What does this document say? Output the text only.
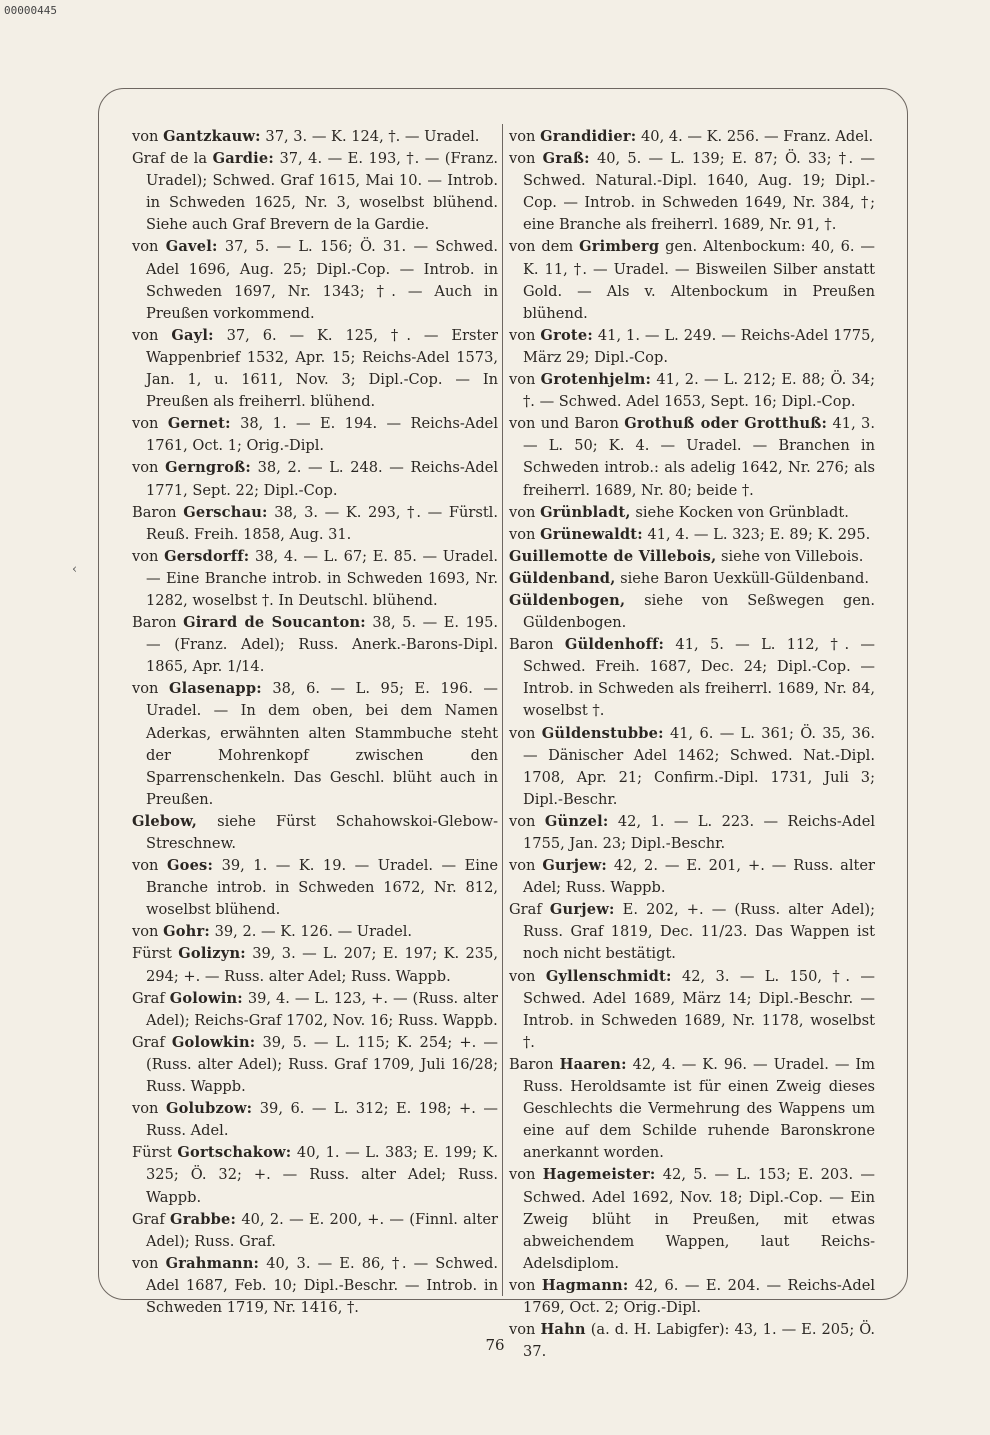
00000445
‹

von Gantzkauw: 37, 3. — K. 124, †. — Uradel.

Graf de la Gardie: 37, 4. — E. 193, †. — (Franz. Uradel); Schwed. Graf 1615, Mai 10. — Introb. in Schweden 1625, Nr. 3, woselbst blühend. Siehe auch Graf Brevern de la Gardie.

von Gavel: 37, 5. — L. 156; Ö. 31. — Schwed. Adel 1696, Aug. 25; Dipl.-Cop. — Introb. in Schweden 1697, Nr. 1343; †. — Auch in Preußen vorkommend.

von Gayl: 37, 6. — K. 125, †. — Erster Wappenbrief 1532, Apr. 15; Reichs-Adel 1573, Jan. 1, u. 1611, Nov. 3; Dipl.-Cop. — In Preußen als freiherrl. blühend.

von Gernet: 38, 1. — E. 194. — Reichs-Adel 1761, Oct. 1; Orig.-Dipl.

von Gerngroß: 38, 2. — L. 248. — Reichs-Adel 1771, Sept. 22; Dipl.-Cop.

Baron Gerschau: 38, 3. — K. 293, †. — Fürstl. Reuß. Freih. 1858, Aug. 31.

von Gersdorff: 38, 4. — L. 67; E. 85. — Uradel. — Eine Branche introb. in Schweden 1693, Nr. 1282, woselbst †. In Deutschl. blühend.

Baron Girard de Soucanton: 38, 5. — E. 195. — (Franz. Adel); Russ. Anerk.-Barons-Dipl. 1865, Apr. 1/14.

von Glasenapp: 38, 6. — L. 95; E. 196. — Uradel. — In dem oben, bei dem Namen Aderkas, erwähnten alten Stammbuche steht der Mohrenkopf zwischen den Sparrenschenkeln. Das Geschl. blüht auch in Preußen.

Glebow, siehe Fürst Schahowskoi-Glebow-Streschnew.

von Goes: 39, 1. — K. 19. — Uradel. — Eine Branche introb. in Schweden 1672, Nr. 812, woselbst blühend.

von Gohr: 39, 2. — K. 126. — Uradel.

Fürst Golizyn: 39, 3. — L. 207; E. 197; K. 235, 294; +. — Russ. alter Adel; Russ. Wappb.

Graf Golowin: 39, 4. — L. 123, +. — (Russ. alter Adel); Reichs-Graf 1702, Nov. 16; Russ. Wappb.

Graf Golowkin: 39, 5. — L. 115; K. 254; +. — (Russ. alter Adel); Russ. Graf 1709, Juli 16/28; Russ. Wappb.

von Golubzow: 39, 6. — L. 312; E. 198; +. — Russ. Adel.

Fürst Gortschakow: 40, 1. — L. 383; E. 199; K. 325; Ö. 32; +. — Russ. alter Adel; Russ. Wappb.

Graf Grabbe: 40, 2. — E. 200, +. — (Finnl. alter Adel); Russ. Graf.

von Grahmann: 40, 3. — E. 86, †. — Schwed. Adel 1687, Feb. 10; Dipl.-Beschr. — Introb. in Schweden 1719, Nr. 1416, †.

von Grandidier: 40, 4. — K. 256. — Franz. Adel.

von Graß: 40, 5. — L. 139; E. 87; Ö. 33; †. — Schwed. Natural.-Dipl. 1640, Aug. 19; Dipl.-Cop. — Introb. in Schweden 1649, Nr. 384, †; eine Branche als freiherrl. 1689, Nr. 91, †.

von dem Grimberg gen. Altenbockum: 40, 6. — K. 11, †. — Uradel. — Bisweilen Silber anstatt Gold. — Als v. Altenbockum in Preußen blühend.

von Grote: 41, 1. — L. 249. — Reichs-Adel 1775, März 29; Dipl.-Cop.

von Grotenhjelm: 41, 2. — L. 212; E. 88; Ö. 34; †. — Schwed. Adel 1653, Sept. 16; Dipl.-Cop.

von und Baron Grothuß oder Grotthuß: 41, 3. — L. 50; K. 4. — Uradel. — Branchen in Schweden introb.: als adelig 1642, Nr. 276; als freiherrl. 1689, Nr. 80; beide †.

von Grünbladt, siehe Kocken von Grünbladt.

von Grünewaldt: 41, 4. — L. 323; E. 89; K. 295.

Guillemotte de Villebois, siehe von Villebois.

Güldenband, siehe Baron Uexküll-Güldenband.

Güldenbogen, siehe von Seßwegen gen. Güldenbogen.

Baron Güldenhoff: 41, 5. — L. 112, †. — Schwed. Freih. 1687, Dec. 24; Dipl.-Cop. — Introb. in Schweden als freiherrl. 1689, Nr. 84, woselbst †.

von Güldenstubbe: 41, 6. — L. 361; Ö. 35, 36. — Dänischer Adel 1462; Schwed. Nat.-Dipl. 1708, Apr. 21; Confirm.-Dipl. 1731, Juli 3; Dipl.-Beschr.

von Günzel: 42, 1. — L. 223. — Reichs-Adel 1755, Jan. 23; Dipl.-Beschr.

von Gurjew: 42, 2. — E. 201, +. — Russ. alter Adel; Russ. Wappb.

Graf Gurjew: E. 202, +. — (Russ. alter Adel); Russ. Graf 1819, Dec. 11/23. Das Wappen ist noch nicht bestätigt.

von Gyllenschmidt: 42, 3. — L. 150, †. — Schwed. Adel 1689, März 14; Dipl.-Beschr. — Introb. in Schweden 1689, Nr. 1178, woselbst †.

Baron Haaren: 42, 4. — K. 96. — Uradel. — Im Russ. Heroldsamte ist für einen Zweig dieses Geschlechts die Vermehrung des Wappens um eine auf dem Schilde ruhende Baronskrone anerkannt worden.

von Hagemeister: 42, 5. — L. 153; E. 203. — Schwed. Adel 1692, Nov. 18; Dipl.-Cop. — Ein Zweig blüht in Preußen, mit etwas abweichendem Wappen, laut Reichs-Adelsdiplom.

von Hagmann: 42, 6. — E. 204. — Reichs-Adel 1769, Oct. 2; Orig.-Dipl.

von Hahn (a. d. H. Labigfer): 43, 1. — E. 205; Ö. 37.

76
